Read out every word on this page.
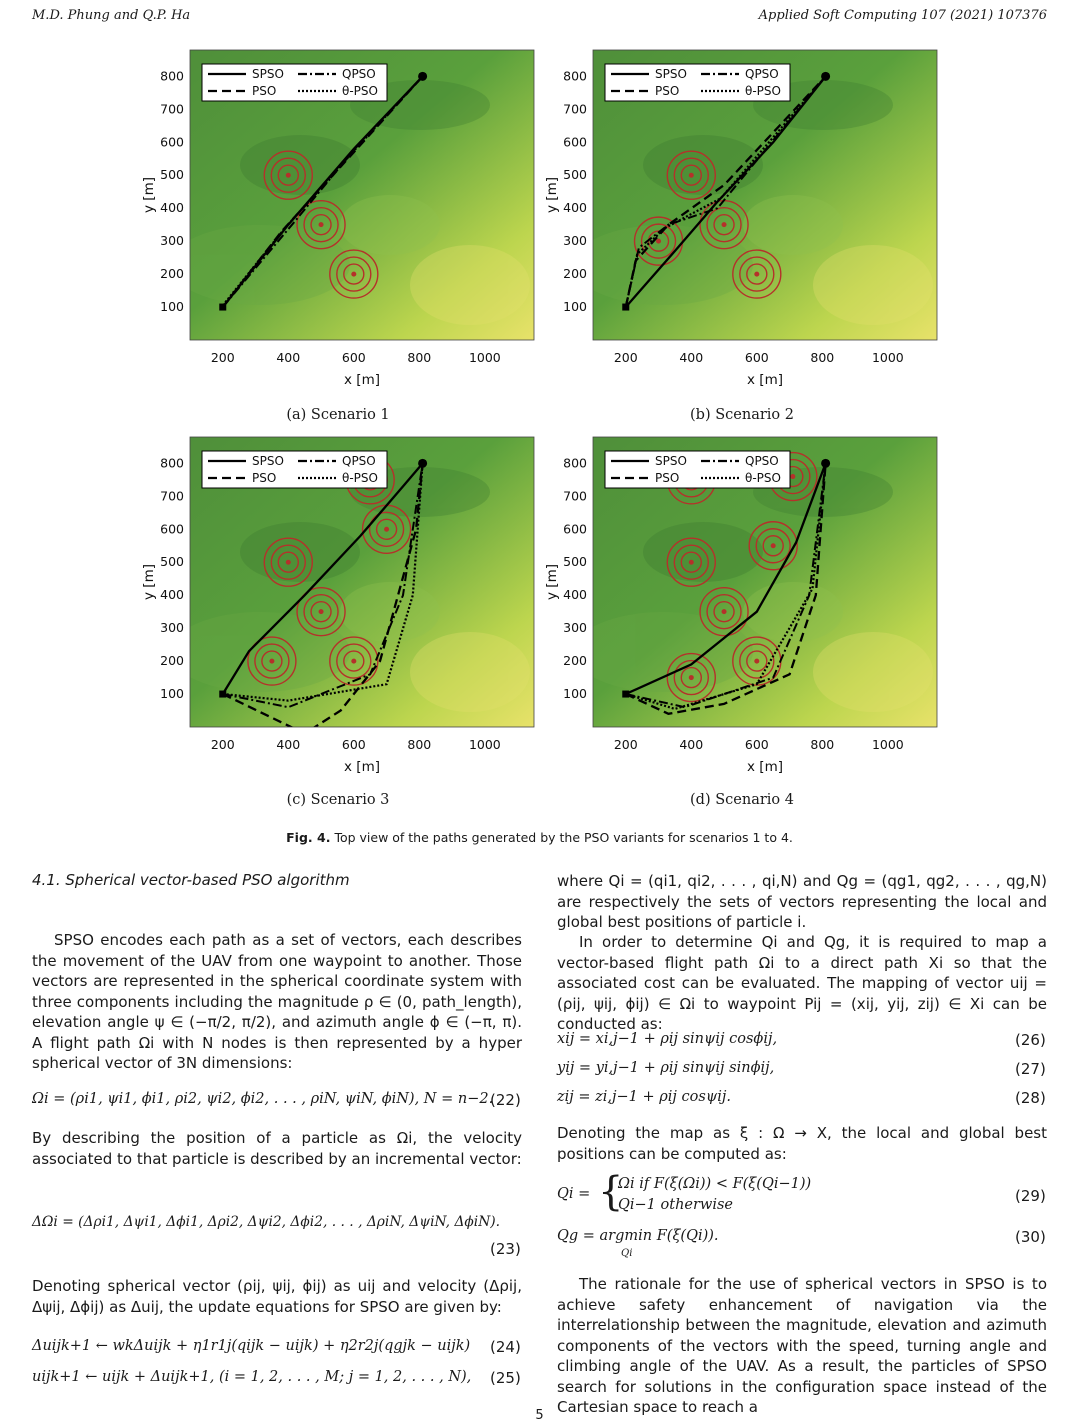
M.D. Phung and Q.P. Ha	Applied Soft Computing 107 (2021) 107376
SPSO	QPSO
PSO	θ-PSO
200	400	600	800	1000
800
700
600
500
400
300
200
100
x [m]
y [m]
SPSO	QPSO
PSO	θ-PSO
200	400	600	800	1000
800
700
600
500
400
300
200
100
x [m]
y [m]
SPSO	QPSO
PSO	θ-PSO
200	400	600	800	1000
800
700
600
500
400
300
200
100
x [m]
y [m]
SPSO	QPSO
PSO	θ-PSO
200	400	600	800	1000
800
700
600
500
400
300
200
100
x [m]
y [m]
(a) Scenario 1	(b) Scenario 2
(c) Scenario 3	(d) Scenario 4
Fig. 4. Top view of the paths generated by the PSO variants for scenarios 1 to 4.
4.1. Spherical vector-based PSO algorithm
SPSO encodes each path as a set of vectors, each describes the movement of the UAV from one waypoint to another. Those vectors are represented in the spherical coordinate system with three components including the magnitude ρ ∈ (0, path_length), elevation angle ψ ∈ (−π/2, π/2), and azimuth angle ϕ ∈ (−π, π). A flight path Ωi with N nodes is then represented by a hyper spherical vector of 3N dimensions:
Ωi = (ρi1, ψi1, ϕi1, ρi2, ψi2, ϕi2, . . . , ρiN, ψiN, ϕiN), N = n−2.
(22)
By describing the position of a particle as Ωi, the velocity associated to that particle is described by an incremental vector:
ΔΩi = (Δρi1, Δψi1, Δϕi1, Δρi2, Δψi2, Δϕi2, . . . , ΔρiN, ΔψiN, ΔϕiN).
(23)
Denoting spherical vector (ρij, ψij, ϕij) as uij and velocity (Δρij, Δψij, Δϕij) as Δuij, the update equations for SPSO are given by:
Δuijk+1 ← wkΔuijk + η1r1j(qijk − uijk) + η2r2j(qgjk − uijk) (24)
uijk+1 ← uijk + Δuijk+1, (i = 1, 2, . . . , M; j = 1, 2, . . . , N), (25)
where Qi = (qi1, qi2, . . . , qi,N) and Qg = (qg1, qg2, . . . , qg,N) are respectively the sets of vectors representing the local and global best positions of particle i.
In order to determine Qi and Qg, it is required to map a vector-based flight path Ωi to a direct path Xi so that the associated cost can be evaluated. The mapping of vector uij = (ρij, ψij, ϕij) ∈ Ωi to waypoint Pij = (xij, yij, zij) ∈ Xi can be conducted as:
xij = xi,j−1 + ρij sinψij cosϕij,	(26)
yij = yi,j−1 + ρij sinψij sinϕij,	(27)
zij = zi,j−1 + ρij cosψij.	(28)
Denoting the map as ξ : Ω → X, the local and global best positions can be computed as:
Qi = {
Ωi if F(ξ(Ωi)) < F(ξ(Qi−1))
Qi−1 otherwise	(29)
Qg = argmin F(ξ(Qi)).
Qi
(30)
The rationale for the use of spherical vectors in SPSO is to achieve safety enhancement of navigation via the interrelationship between the magnitude, elevation and azimuth components of the vectors with the speed, turning angle and climbing angle of the UAV. As a result, the particles of SPSO search for solutions in the configuration space instead of the Cartesian space to reach a
5
